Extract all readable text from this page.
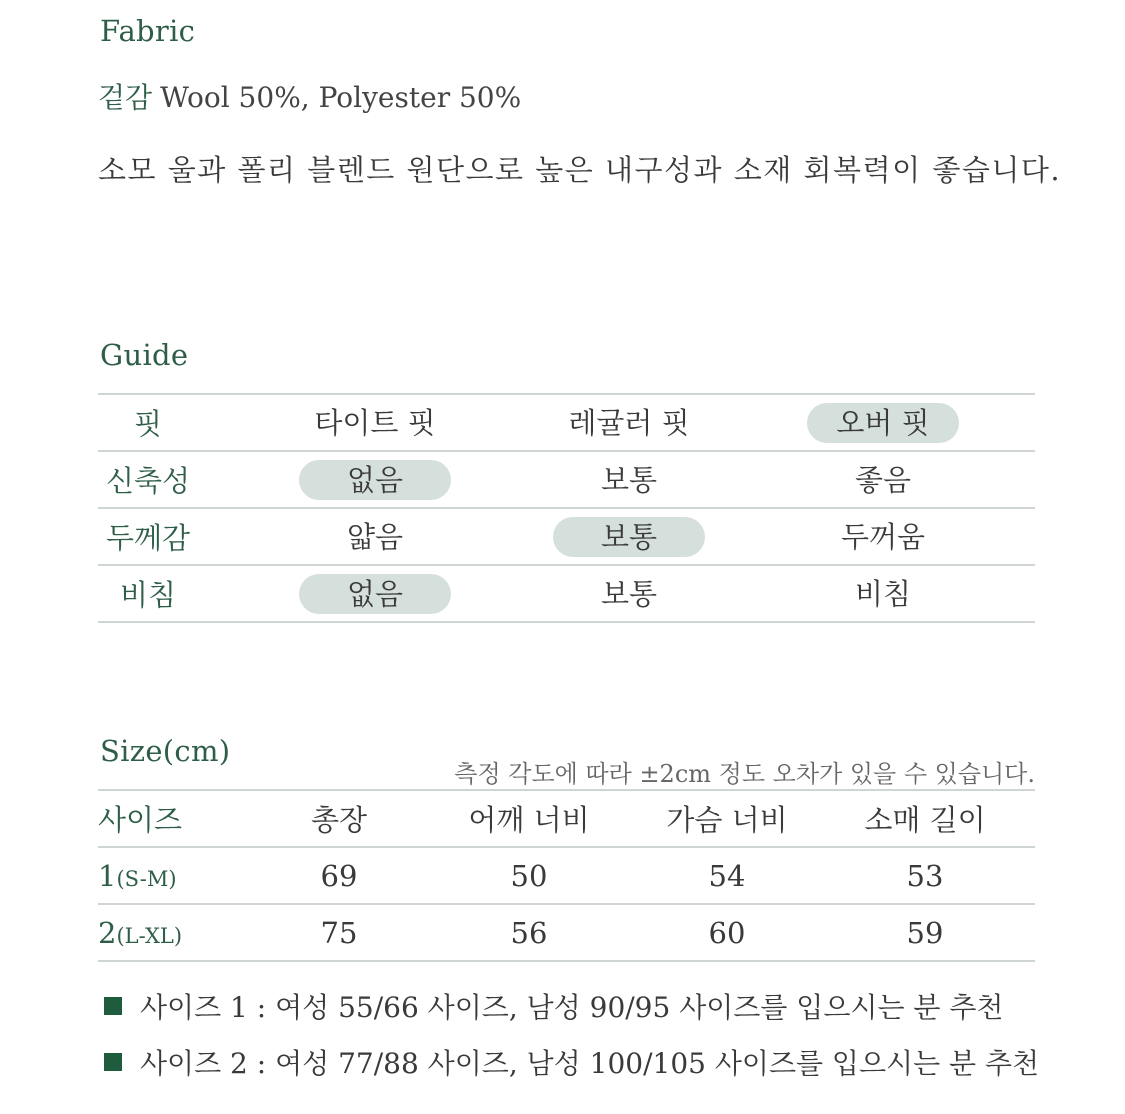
Fabric
겉감 Wool 50%, Polyester 50%
소모 울과 폴리 블렌드 원단으로 높은 내구성과 소재 회복력이 좋습니다.
Guide
핏	타이트 핏	레귤러 핏	오버 핏
신축성	없음	보통	좋음
두께감	얇음	보통	두꺼움
비침	없음	보통	비침
Size(cm)
측정 각도에 따라 ±2cm 정도 오차가 있을 수 있습니다.
사이즈	총장	어깨 너비	가슴 너비	소매 길이
1(S-M)	69	50	54	53
2(L-XL)	75	56	60	59
사이즈 1 : 여성 55/66 사이즈, 남성 90/95 사이즈를 입으시는 분 추천
사이즈 2 : 여성 77/88 사이즈, 남성 100/105 사이즈를 입으시는 분 추천
